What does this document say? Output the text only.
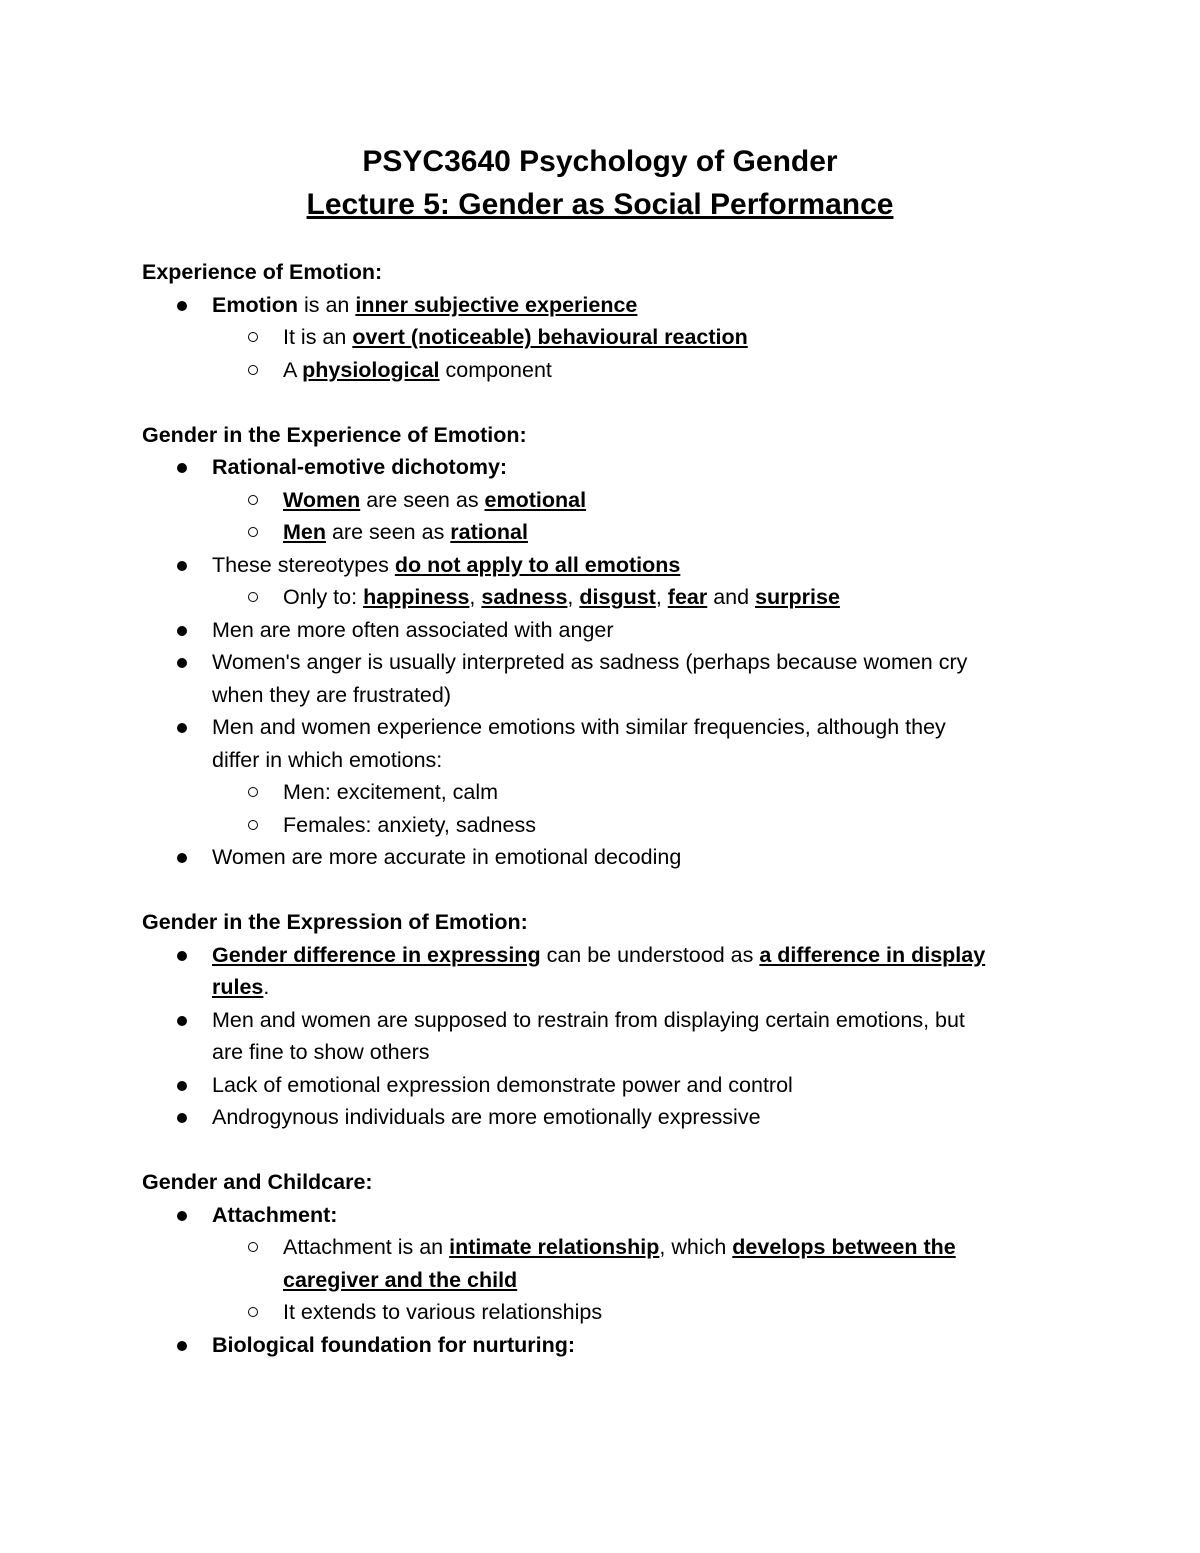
PSYC3640 Psychology of Gender
Lecture 5: Gender as Social Performance
Experience of Emotion:
Emotion is an inner subjective experience
It is an overt (noticeable) behavioural reaction
A physiological component
Gender in the Experience of Emotion:
Rational-emotive dichotomy:
Women are seen as emotional
Men are seen as rational
These stereotypes do not apply to all emotions
Only to: happiness, sadness, disgust, fear and surprise
Men are more often associated with anger
Women's anger is usually interpreted as sadness (perhaps because women cry
when they are frustrated)
Men and women experience emotions with similar frequencies, although they
differ in which emotions:
Men: excitement, calm
Females: anxiety, sadness
Women are more accurate in emotional decoding
Gender in the Expression of Emotion:
Gender difference in expressing can be understood as a difference in display
rules.
Men and women are supposed to restrain from displaying certain emotions, but
are fine to show others
Lack of emotional expression demonstrate power and control
Androgynous individuals are more emotionally expressive
Gender and Childcare:
Attachment:
Attachment is an intimate relationship, which develops between the
caregiver and the child
It extends to various relationships
Biological foundation for nurturing:
